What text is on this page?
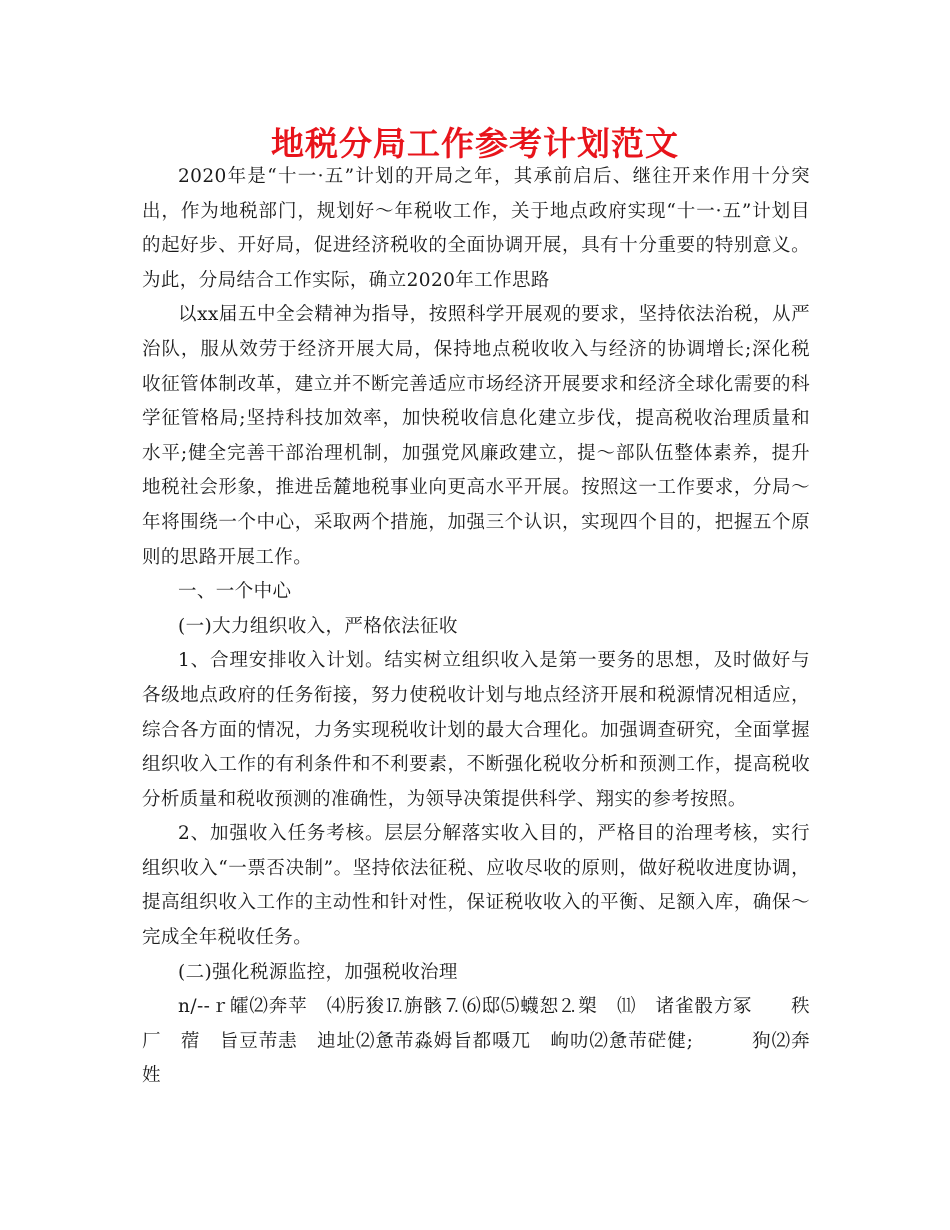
地税分局工作参考计划范文

2020年是“十一·五”计划的开局之年，其承前启后、继往开来作用十分突出，作为地税部门，规划好～年税收工作，关于地点政府实现“十一·五”计划目的起好步、开好局，促进经济税收的全面协调开展，具有十分重要的特别意义。为此，分局结合工作实际，确立2020年工作思路

以xx届五中全会精神为指导，按照科学开展观的要求，坚持依法治税，从严治队，服从效劳于经济开展大局，保持地点税收收入与经济的协调增长;深化税收征管体制改革，建立并不断完善适应市场经济开展要求和经济全球化需要的科学征管格局;坚持科技加效率，加快税收信息化建立步伐，提高税收治理质量和水平;健全完善干部治理机制，加强党风廉政建立，提～部队伍整体素养，提升地税社会形象，推进岳麓地税事业向更高水平开展。按照这一工作要求，分局～年将围绕一个中心，采取两个措施，加强三个认识，实现四个目的，把握五个原则的思路开展工作。

一、一个中心

(一)大力组织收入，严格依法征收

1、合理安排收入计划。结实树立组织收入是第一要务的思想，及时做好与各级地点政府的任务衔接，努力使税收计划与地点经济开展和税源情况相适应，综合各方面的情况，力务实现税收计划的最大合理化。加强调查研究，全面掌握组织收入工作的有利条件和不利要素，不断强化税收分析和预测工作，提高税收分析质量和税收预测的准确性，为领导决策提供科学、翔实的参考按照。

2、加强收入任务考核。层层分解落实收入目的，严格目的治理考核，实行组织收入“一票否决制”。坚持依法征税、应收尽收的原则，做好税收进度协调，提高组织收入工作的主动性和针对性，保证税收收入的平衡、足额入库，确保～完成全年税收任务。

(二)强化税源监控，加强税收治理

n/--ｒ皬⑵奔苹　⑷肟狻⒘旃骸⒎⑹邸⑸蠛恕⒉槊　⑾　诸雀骰方冢　　秩厂　蓿　旨豆芾恚　迪址⑵惫芾淼姆旨都嗫兀　岣叻⑵惫芾硭健;　　　狗⑵奔　姓
